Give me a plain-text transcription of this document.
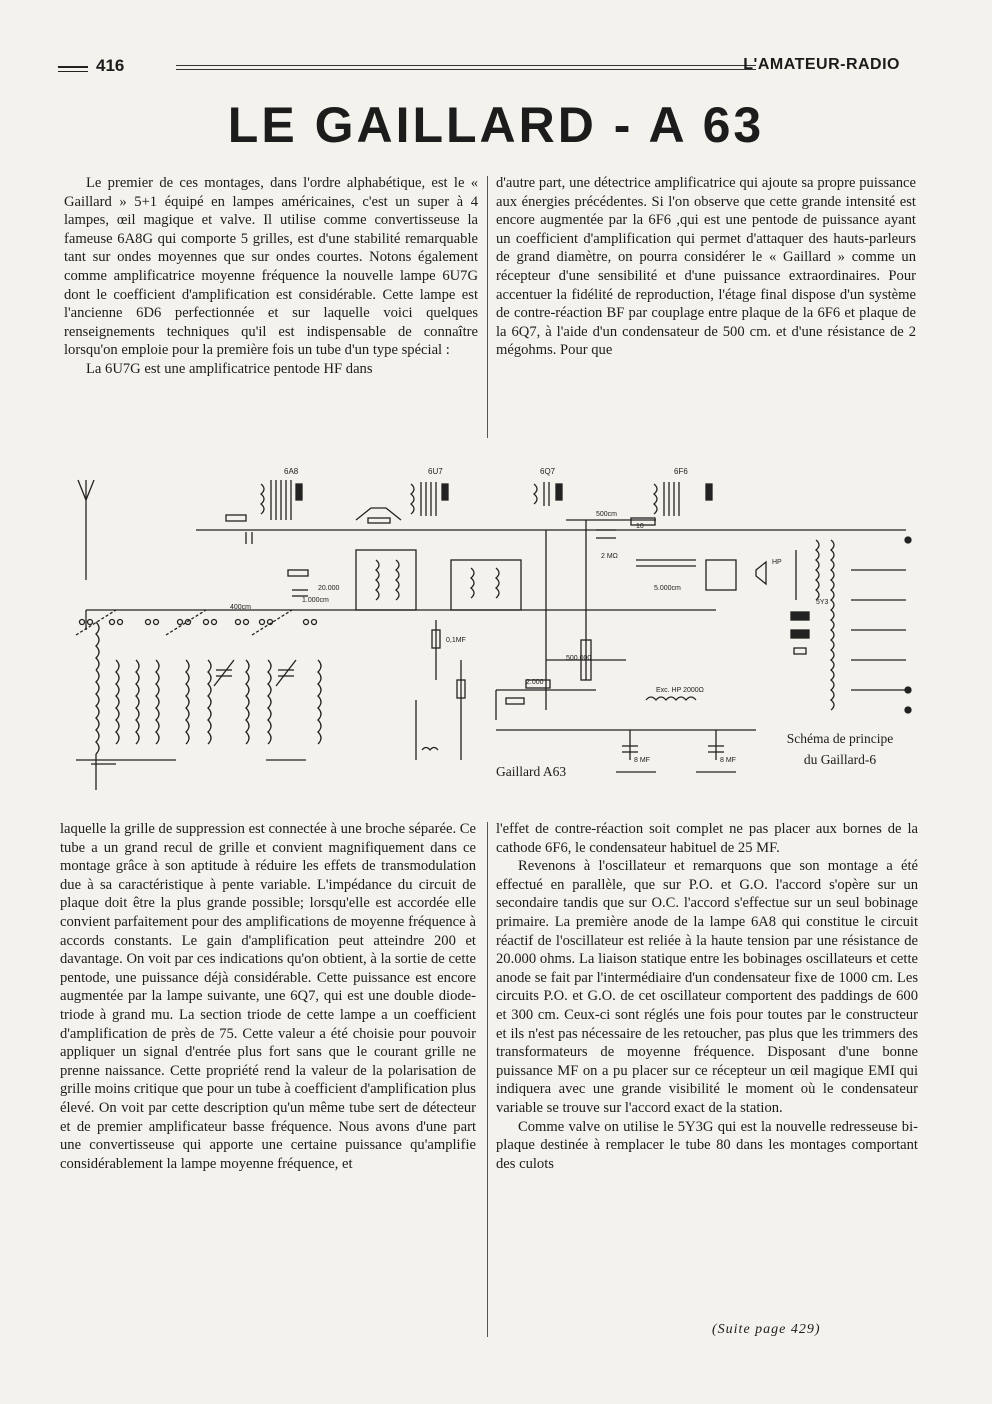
416	L'AMATEUR-RADIO
LE GAILLARD - A 63

Le premier de ces montages, dans l'ordre alphabétique, est le « Gaillard » 5+1 équipé en lampes américaines, c'est un super à 4 lampes, œil magique et valve. Il utilise comme convertisseuse la fameuse 6A8G qui comporte 5 grilles, est d'une stabilité remarquable tant sur ondes moyennes que sur ondes courtes. Notons également comme amplificatrice moyenne fréquence la nouvelle lampe 6U7G dont le coefficient d'amplification est considérable. Cette lampe est l'ancienne 6D6 perfectionnée et sur laquelle voici quelques renseignements techniques qu'il est indispensable de connaître lorsqu'on emploie pour la première fois un tube d'un type spécial :

La 6U7G est une amplificatrice pentode HF dans

d'autre part, une détectrice amplificatrice qui ajoute sa propre puissance aux énergies précédentes. Si l'on observe que cette grande intensité est encore augmentée par la 6F6 ,qui est une pentode de puissance ayant un coefficient d'amplification qui permet d'attaquer des hauts-parleurs de grand diamètre, on pourra considérer le « Gaillard » comme un récepteur d'une sensibilité et d'une puissance extraordinaires. Pour accentuer la fidélité de reproduction, l'étage final dispose d'un système de contre-réaction BF par couplage entre plaque de la 6F6 et plaque de la 6Q7, à l'aide d'un condensateur de 500 cm. et d'une résistance de 2 mégohms. Pour que

6A8	6U7	6Q7	6F6
20.000
1.000cm
400cm
500.000
5.000cm
2.000
Exc. HP 2000Ω
HP
2 MΩ
500cm
0,1MF
8 MF	8 MF
10
5Y3
Schéma de principe
du Gaillard-6
Gaillard A63

laquelle la grille de suppression est connectée à une broche séparée. Ce tube a un grand recul de grille et convient magnifiquement dans ce montage grâce à son aptitude à réduire les effets de transmodulation due à sa caractéristique à pente variable. L'impédance du circuit de plaque doit être la plus grande possible; lorsqu'elle est accordée elle convient parfaitement pour des amplifications de moyenne fréquence à accords constants. Le gain d'amplification peut atteindre 200 et davantage. On voit par ces indications qu'on obtient, à la sortie de cette pentode, une puissance déjà considérable. Cette puissance est encore augmentée par la lampe suivante, une 6Q7, qui est une double diode-triode à grand mu. La section triode de cette lampe a un coefficient d'amplification de près de 75. Cette valeur a été choisie pour pouvoir appliquer un signal d'entrée plus fort sans que le courant grille ne prenne naissance. Cette propriété rend la valeur de la polarisation de grille moins critique que pour un tube à coefficient d'amplification plus élevé. On voit par cette description qu'un même tube sert de détecteur et de premier amplificateur basse fréquence. Nous avons d'une part une convertisseuse qui apporte une certaine puissance qu'amplifie considérablement la lampe moyenne fréquence, et

l'effet de contre-réaction soit complet ne pas placer aux bornes de la cathode 6F6, le condensateur habituel de 25 MF.

Revenons à l'oscillateur et remarquons que son montage a été effectué en parallèle, que sur P.O. et G.O. l'accord s'opère sur un secondaire tandis que sur O.C. l'accord s'effectue sur un seul bobinage primaire. La première anode de la lampe 6A8 qui constitue le circuit réactif de l'oscillateur est reliée à la haute tension par une résistance de 20.000 ohms. La liaison statique entre les bobinages oscillateurs et cette anode se fait par l'intermédiaire d'un condensateur fixe de 1000 cm. Les circuits P.O. et G.O. de cet oscillateur comportent des paddings de 600 et 300 cm. Ceux-ci sont réglés une fois pour toutes par le constructeur et ils n'est pas nécessaire de les retoucher, pas plus que les trimmers des transformateurs de moyenne fréquence. Disposant d'une bonne puissance MF on a pu placer sur ce récepteur un œil magique EMI qui indiquera avec une grande visibilité le moment où le condensateur variable se trouve sur l'accord exact de la station.

Comme valve on utilise le 5Y3G qui est la nouvelle redresseuse bi-plaque destinée à remplacer le tube 80 dans les montages comportant des culots

(Suite page 429)
